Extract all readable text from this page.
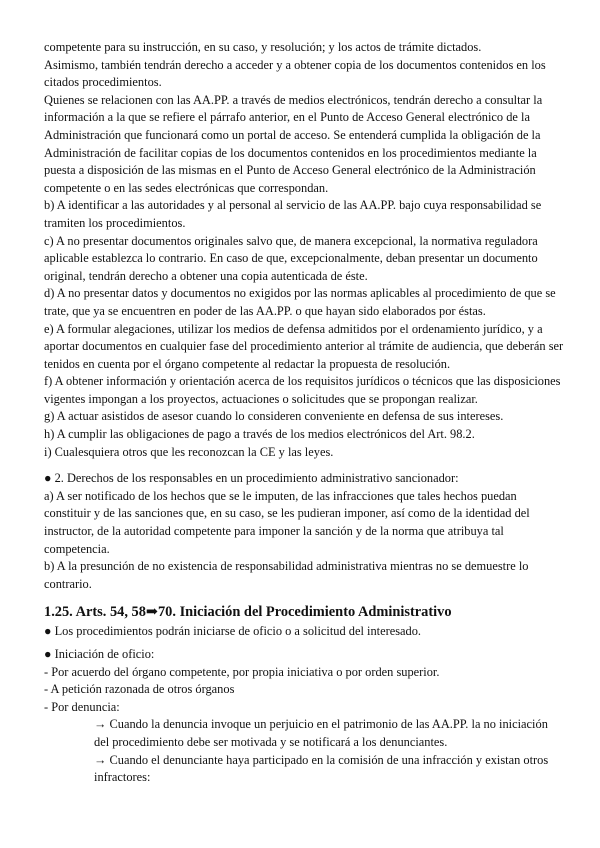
competente para su instrucción, en su caso, y resolución; y los actos de trámite dictados.

Asimismo, también tendrán derecho a acceder y a obtener copia de los documentos contenidos en los citados procedimientos.

Quienes se relacionen con las AA.PP. a través de medios electrónicos, tendrán derecho a consultar la información a la que se refiere el párrafo anterior, en el Punto de Acceso General electrónico de la Administración que funcionará como un portal de acceso. Se entenderá cumplida la obligación de la Administración de facilitar copias de los documentos contenidos en los procedimientos mediante la puesta a disposición de las mismas en el Punto de Acceso General electrónico de la Administración competente o en las sedes electrónicas que correspondan.

b) A identificar a las autoridades y al personal al servicio de las AA.PP. bajo cuya responsabilidad se tramiten los procedimientos.

c) A no presentar documentos originales salvo que, de manera excepcional, la normativa reguladora aplicable establezca lo contrario. En caso de que, excepcionalmente, deban presentar un documento original, tendrán derecho a obtener una copia autenticada de éste.

d) A no presentar datos y documentos no exigidos por las normas aplicables al procedimiento de que se trate, que ya se encuentren en poder de las AA.PP. o que hayan sido elaborados por éstas.

e) A formular alegaciones, utilizar los medios de defensa admitidos por el ordenamiento jurídico, y a aportar documentos en cualquier fase del procedimiento anterior al trámite de audiencia, que deberán ser tenidos en cuenta por el órgano competente al redactar la propuesta de resolución.

f) A obtener información y orientación acerca de los requisitos jurídicos o técnicos que las disposiciones vigentes impongan a los proyectos, actuaciones o solicitudes que se propongan realizar.

g) A actuar asistidos de asesor cuando lo consideren conveniente en defensa de sus intereses.

h) A cumplir las obligaciones de pago a través de los medios electrónicos del Art. 98.2.

i) Cualesquiera otros que les reconozcan la CE y las leyes.

● 2. Derechos de los responsables en un procedimiento administrativo sancionador:

a) A ser notificado de los hechos que se le imputen, de las infracciones que tales hechos puedan constituir y de las sanciones que, en su caso, se les pudieran imponer, así como de la identidad del instructor, de la autoridad competente para imponer la sanción y de la norma que atribuya tal competencia.

b) A la presunción de no existencia de responsabilidad administrativa mientras no se demuestre lo contrario.

1.25. Arts. 54, 58➡70. Iniciación del Procedimiento Administrativo

● Los procedimientos podrán iniciarse de oficio o a solicitud del interesado.

● Iniciación de oficio:

- Por acuerdo del órgano competente, por propia iniciativa o por orden superior.

- A petición razonada de otros órganos

- Por denuncia:

→ Cuando la denuncia invoque un perjuicio en el patrimonio de las AA.PP. la no iniciación del procedimiento debe ser motivada y se notificará a los denunciantes.

→ Cuando el denunciante haya participado en la comisión de una infracción y existan otros infractores:
